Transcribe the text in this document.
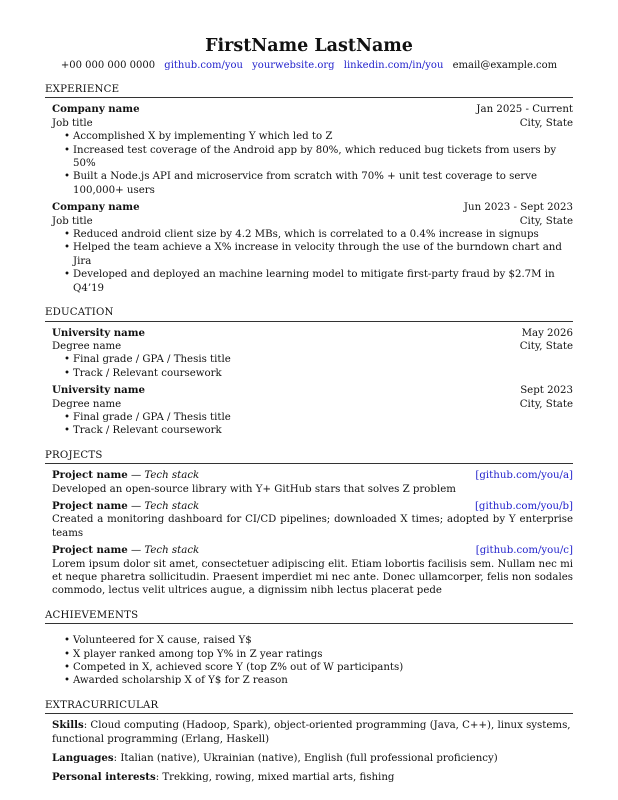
FirstName LastName
+00 000 000 0000 github.com/you yourwebsite.org linkedin.com/in/you email@example.com
EXPERIENCE
Company name	Jan 2025 - Current
Job title	City, State
• Accomplished X by implementing Y which led to Z
• Increased test coverage of the Android app by 80%, which reduced bug tickets from users by 50%
• Built a Node.js API and microservice from scratch with 70% + unit test coverage to serve 100,000+ users
Company name	Jun 2023 - Sept 2023
Job title	City, State
• Reduced android client size by 4.2 MBs, which is correlated to a 0.4% increase in signups
• Helped the team achieve a X% increase in velocity through the use of the burndown chart and Jira
• Developed and deployed an machine learning model to mitigate first-party fraud by $2.7M in Q4’19
EDUCATION
University name	May 2026
Degree name	City, State
• Final grade / GPA / Thesis title
• Track / Relevant coursework
University name	Sept 2023
Degree name	City, State
• Final grade / GPA / Thesis title
• Track / Relevant coursework
PROJECTS
Project name — Tech stack	[github.com/you/a]
Developed an open-source library with Y+ GitHub stars that solves Z problem
Project name — Tech stack	[github.com/you/b]
Created a monitoring dashboard for CI/CD pipelines; downloaded X times; adopted by Y enterprise teams
Project name — Tech stack	[github.com/you/c]
Lorem ipsum dolor sit amet, consectetuer adipiscing elit. Etiam lobortis facilisis sem. Nullam nec mi et neque pharetra sollicitudin. Praesent imperdiet mi nec ante. Donec ullamcorper, felis non sodales commodo, lectus velit ultrices augue, a dignissim nibh lectus placerat pede
ACHIEVEMENTS
• Volunteered for X cause, raised Y$
• X player ranked among top Y% in Z year ratings
• Competed in X, achieved score Y (top Z% out of W participants)
• Awarded scholarship X of Y$ for Z reason
EXTRACURRICULAR

Skills: Cloud computing (Hadoop, Spark), object-oriented programming (Java, C++), linux systems, functional programming (Erlang, Haskell)

Languages: Italian (native), Ukrainian (native), English (full professional proficiency)

Personal interests: Trekking, rowing, mixed martial arts, fishing
